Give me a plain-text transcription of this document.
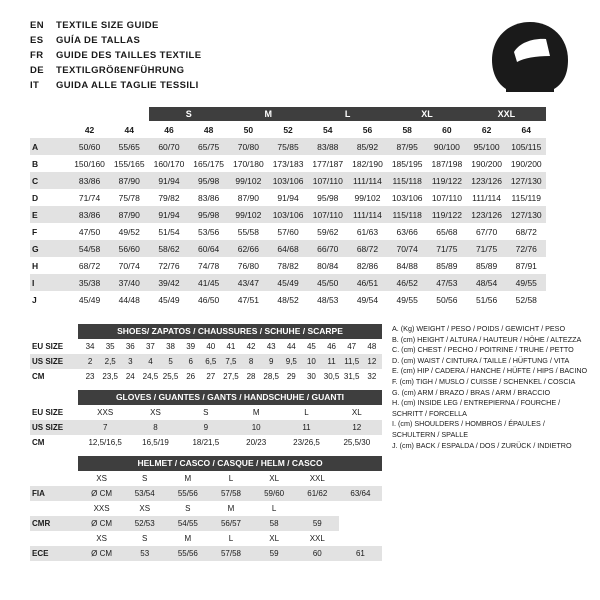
EN	TEXTILE SIZE GUIDE
ES	GUÍA DE TALLAS
FR	GUIDE DES TAILLES TEXTILE
DE	TEXTILGRÖßENFÜHRUNG
IT	GUIDA ALLE TAGLIE TESSILI
			S		M		L		XL		XXL		
	42	44	46	48	50	52	54	56	58	60	62	64	
A	50/60	55/65	60/70	65/75	70/80	75/85	83/88	85/92	87/95	90/100	95/100	105/115	
B	150/160	155/165	160/170	165/175	170/180	173/183	177/187	182/190	185/195	187/198	190/200	190/200	
C	83/86	87/90	91/94	95/98	99/102	103/106	107/110	111/114	115/118	119/122	123/126	127/130	
D	71/74	75/78	79/82	83/86	87/90	91/94	95/98	99/102	103/106	107/110	111/114	115/119	
E	83/86	87/90	91/94	95/98	99/102	103/106	107/110	111/114	115/118	119/122	123/126	127/130	
F	47/50	49/52	51/54	53/56	55/58	57/60	59/62	61/63	63/66	65/68	67/70	68/72	
G	54/58	56/60	58/62	60/64	62/66	64/68	66/70	68/72	70/74	71/75	71/75	72/76	
H	68/72	70/74	72/76	74/78	76/80	78/82	80/84	82/86	84/88	85/89	85/89	87/91	
I	35/38	37/40	39/42	41/45	43/47	45/49	45/50	46/51	46/52	47/53	48/54	49/55	
J	45/49	44/48	45/49	46/50	47/51	48/52	48/53	49/54	49/55	50/56	51/56	52/58	
SHOES/ ZAPATOS / CHAUSSURES / SCHUHE / SCARPE
EU SIZE	34	35	36	37	38	39	40	41	42	43	44	45	46	47	48
US SIZE	2	2,5	3	4	5	6	6,5	7,5	8	9	9,5	10	11	11,5	12
CM	23	23,5	24	24,5	25,5	26	27	27,5	28	28,5	29	30	30,5	31,5	32
GLOVES / GUANTES / GANTS / HANDSCHUHE / GUANTI
EU SIZE	XXS	XS	S	M	L	XL
US SIZE	7	8	9	10	11	12
CM	12,5/16,5	16,5/19	18/21,5	20/23	23/26,5	25,5/30
HELMET / CASCO / CASQUE / HELM / CASCO
	XS	S	M	L	XL	XXL	
FIA	Ø CM	53/54	55/56	57/58	59/60	61/62	63/64
	XXS	XS	S	M	L		
CMR	Ø CM	52/53	54/55	56/57	58	59	
	XS	S	M	L	XL	XXL	
ECE	Ø CM	53	55/56	57/58	59	60	61
A. (Kg) WEIGHT / PESO / POIDS / GEWICHT / PESO
B. (cm) HEIGHT / ALTURA / HAUTEUR / HÖHE / ALTEZZA
C. (cm) CHEST / PECHO / POITRINE / TRUHE / PETTO
D. (cm) WAIST / CINTURA / TAILLE / HÜFTUNG / VITA
E. (cm) HIP / CADERA / HANCHE / HÜFTE / HIPS / BACINO
F. (cm) TIGH / MUSLO / CUISSE / SCHENKEL / COSCIA
G. (cm) ARM / BRAZO / BRAS / ARM / BRACCIO
H. (cm) INSIDE LEG / ENTREPIERNA / FOURCHE /
SCHRITT / FORCELLA
I. (cm) SHOULDERS / HOMBROS / ÉPAULES /
SCHULTERN / SPALLE
J. (cm) BACK / ESPALDA / DOS / ZURÜCK / INDIETRO
